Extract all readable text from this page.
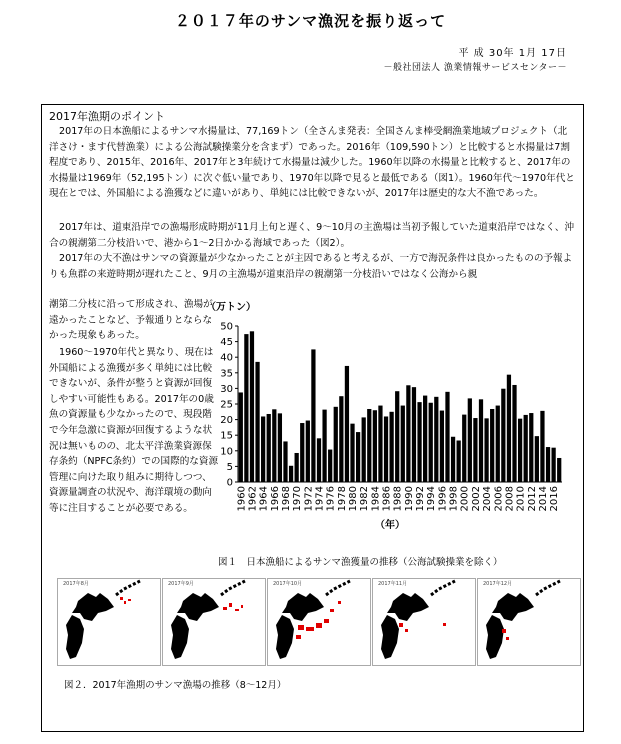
２０１７年のサンマ漁況を振り返って
平 成 30年 1月 17日
－般社団法人 漁業情報サービスセンター－
2017年漁期のポイント

2017年の日本漁船によるサンマ水揚量は、77,169トン（全さんま発表：全国さんま棒受網漁業地域プロジェクト（北洋さけ・ます代替漁業）による公海試験操業分を含まず）であった。2016年（109,590トン）と比較すると水揚量は7割程度であり、2015年、2016年、2017年と3年続けて水揚量は減少した。1960年以降の水揚量と比較すると、2017年の水揚量は1969年（52,195トン）に次ぐ低い量であり、1970年以降で見ると最低である（図1）。1960年代～1970年代と現在とでは、外国船による漁獲などに違いがあり、単純には比較できないが、2017年は歴史的な大不漁であった。

2017年は、道東沿岸での漁場形成時期が11月上旬と遅く、9～10月の主漁場は当初予報していた道東沿岸ではなく、沖合の親潮第二分枝沿いで、港から1～2日かかる海域であった（図2）。

2017年の大不漁はサンマの資源量が少なかったことが主因であると考えるが、一方で海況条件は良かったものの予報よりも魚群の来遊時期が遅れたこと、9月の主漁場が道東沿岸の親潮第一分枝沿いではなく公海から親

潮第二分枝に沿って形成され、漁場が遠かったことなど、予報通りとならなかった現象もあった。

1960～1970年代と異なり、現在は外国船による漁獲が多く単純には比較できないが、条件が整うと資源が回復しやすい可能性もある。2017年の0歳魚の資源量も少なかったので、現段階で今年急激に資源が回復するような状況は無いものの、北太平洋漁業資源保存条約（NPFC条約）での国際的な資源管理に向けた取り組みに期待しつつ、資源量調査の状況や、海洋環境の動向等に注目することが必要である。

（万トン）
0
5
10
15
20
25
30
35
40
45
50
1960 1962 1964 1966 1968 1970 1972 1974 1976 1978 1980 1982 1984 1986 1988 1990 1992 1994 1996 1998 2000 2002 2004 2006 2008 2010 2012 2014 2016
（年）
図１　日本漁船によるサンマ漁獲量の推移（公海試験操業を除く）
2017年8月	2017年9月	2017年10月	2017年11月	2017年12月
図２．2017年漁期のサンマ漁場の推移（8～12月）
